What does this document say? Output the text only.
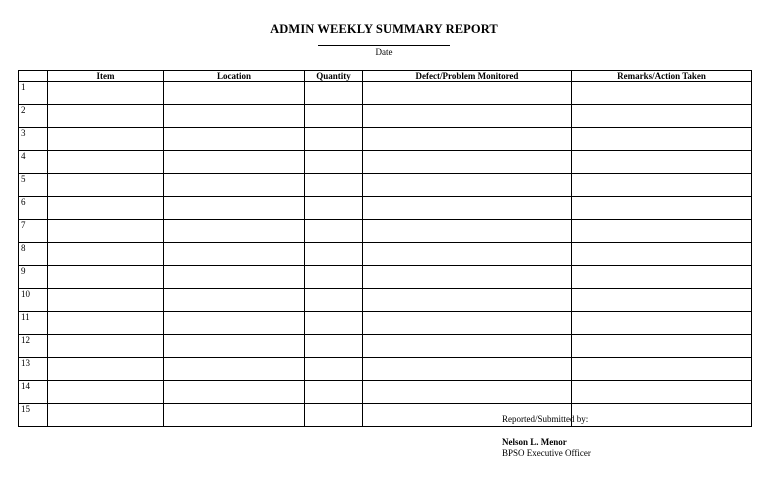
ADMIN WEEKLY SUMMARY REPORT
Date
	Item	Location	Quantity	Defect/Problem Monitored	Remarks/Action Taken
1					
2					
3					
4					
5					
6					
7					
8					
9					
10					
11					
12					
13					
14					
15					
Reported/Submitted by:
Nelson L. Menor
BPSO Executive Officer
